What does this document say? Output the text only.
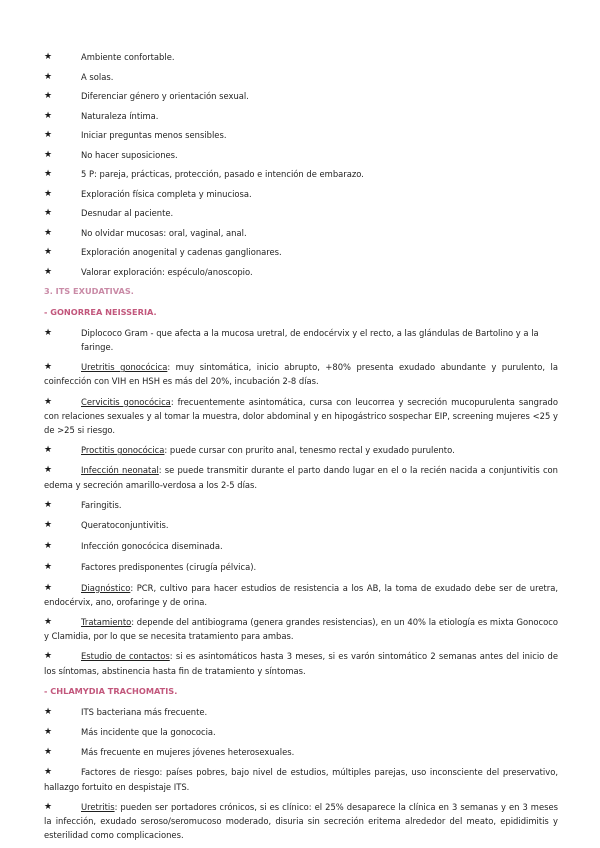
★	Ambiente confortable.

★	A solas.

★	Diferenciar género y orientación sexual.

★	Naturaleza íntima.

★	Iniciar preguntas menos sensibles.

★	No hacer suposiciones.

★	5 P: pareja, prácticas, protección, pasado e intención de embarazo.

★	Exploración física completa y minuciosa.

★	Desnudar al paciente.

★	No olvidar mucosas: oral, vaginal, anal.

★	Exploración anogenital y cadenas ganglionares.

★	Valorar exploración: espéculo/anoscopio.

3. ITS EXUDATIVAS.

- GONORREA NEISSERIA.

★	Diplococo Gram - que afecta a la mucosa uretral, de endocérvix y el recto, a las glándulas de Bartolino y a la faringe.

★	Uretritis gonocócica: muy sintomática, inicio abrupto, +80% presenta exudado abundante y purulento, la coinfección con VIH en HSH es más del 20%, incubación 2-8 días.

★	Cervicitis gonocócica: frecuentemente asintomática, cursa con leucorrea y secreción mucopurulenta sangrado con relaciones sexuales y al tomar la muestra, dolor abdominal y en hipogástrico sospechar EIP, screening mujeres <25 y de >25 si riesgo.

★	Proctitis gonocócica: puede cursar con prurito anal, tenesmo rectal y exudado purulento.

★	Infección neonatal: se puede transmitir durante el parto dando lugar en el o la recién nacida a conjuntivitis con edema y secreción amarillo-verdosa a los 2-5 días.

★	Faringitis.

★	Queratoconjuntivitis.

★	Infección gonocócica diseminada.

★	Factores predisponentes (cirugía pélvica).

★	Diagnóstico: PCR, cultivo para hacer estudios de resistencia a los AB, la toma de exudado debe ser de uretra, endocérvix, ano, orofaringe y de orina.

★	Tratamiento: depende del antibiograma (genera grandes resistencias), en un 40% la etiología es mixta Gonococo y Clamidia, por lo que se necesita tratamiento para ambas.

★	Estudio de contactos: si es asintomáticos hasta 3 meses, si es varón sintomático 2 semanas antes del inicio de los síntomas, abstinencia hasta fin de tratamiento y síntomas.

- CHLAMYDIA TRACHOMATIS.

★	ITS bacteriana más frecuente.

★	Más incidente que la gonococia.

★	Más frecuente en mujeres jóvenes heterosexuales.

★	Factores de riesgo: países pobres, bajo nivel de estudios, múltiples parejas, uso inconsciente del preservativo, hallazgo fortuito en despistaje ITS.

★	Uretritis: pueden ser portadores crónicos, si es clínico: el 25% desaparece la clínica en 3 semanas y en 3 meses la infección, exudado seroso/seromucoso moderado, disuria sin secreción eritema alrededor del meato, epididimitis y esterilidad como complicaciones.
